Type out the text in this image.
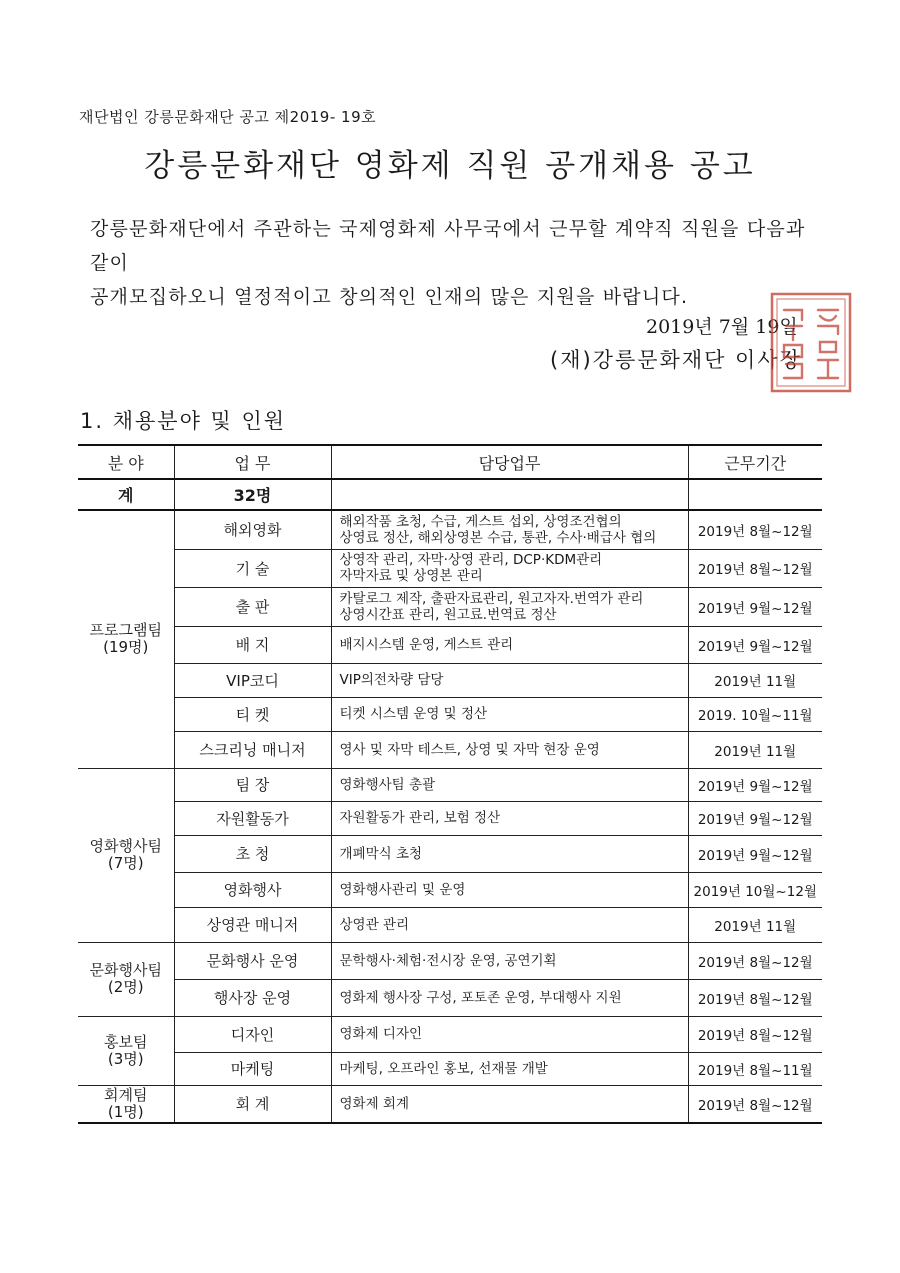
재단법인 강릉문화재단 공고 제2019- 19호
강릉문화재단 영화제 직원 공개채용 공고

강릉문화재단에서 주관하는 국제영화제 사무국에서 근무할 계약직 직원을 다음과 같이
공개모집하오니 열정적이고 창의적인 인재의 많은 지원을 바랍니다.

2019년 7월 19일
(재)강릉문화재단 이사장
1. 채용분야 및 인원
분 야	업 무	담당업무	근무기간
계	32명		
프로그램팀
(19명)	해외영화	해외작품 초청, 수급, 게스트 섭외, 상영조건협의
상영료 정산, 해외상영본 수급, 통관, 수사·배급사 협의	2019년 8월~12월
	기 술	상영작 관리, 자막·상영 관리, DCP·KDM관리
자막자료 및 상영본 관리	2019년 8월~12월
	출 판	카탈로그 제작, 출판자료관리, 원고자자.번역가 관리
상영시간표 관리, 원고료.번역료 정산	2019년 9월~12월
	배 지	배지시스템 운영, 게스트 관리	2019년 9월~12월
	VIP코디	VIP의전차량 담당	2019년 11월
	티 켓	티켓 시스템 운영 및 정산	2019. 10월~11월
	스크리닝 매니저	영사 및 자막 테스트, 상영 및 자막 현장 운영	2019년 11월
영화행사팀
(7명)	팀 장	영화행사팀 총괄	2019년 9월~12월
	자원활동가	자원활동가 관리, 보험 정산	2019년 9월~12월
	초 청	개폐막식 초청	2019년 9월~12월
	영화행사	영화행사관리 및 운영	2019년 10월~12월
	상영관 매니저	상영관 관리	2019년 11월
문화행사팀
(2명)	문화행사 운영	문학행사·체험·전시장 운영, 공연기획	2019년 8월~12월
	행사장 운영	영화제 행사장 구성, 포토존 운영, 부대행사 지원	2019년 8월~12월
홍보팀
(3명)	디자인	영화제 디자인	2019년 8월~12월
	마케팅	마케팅, 오프라인 홍보, 선재물 개발	2019년 8월~11월
회계팀
(1명)	회 계	영화제 회계	2019년 8월~12월
